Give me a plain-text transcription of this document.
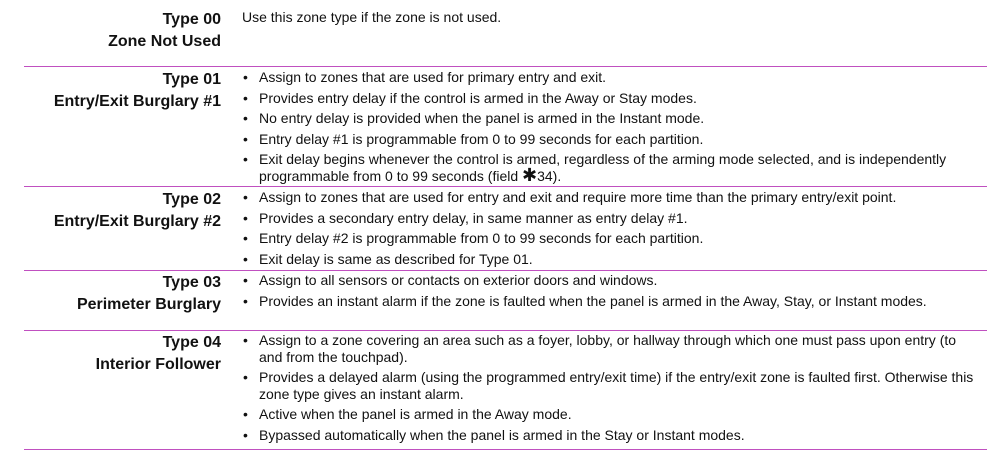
Type 00
Zone Not Used

Use this zone type if the zone is not used.

Type 01
Entry/Exit Burglary #1
• Assign to zones that are used for primary entry and exit.
• Provides entry delay if the control is armed in the Away or Stay modes.
• No entry delay is provided when the panel is armed in the Instant mode.
• Entry delay #1 is programmable from 0 to 99 seconds for each partition.
• Exit delay begins whenever the control is armed, regardless of the arming mode selected, and is independently programmable from 0 to 99 seconds (field ✱34).
Type 02
Entry/Exit Burglary #2
• Assign to zones that are used for entry and exit and require more time than the primary entry/exit point.
• Provides a secondary entry delay, in same manner as entry delay #1.
• Entry delay #2 is programmable from 0 to 99 seconds for each partition.
• Exit delay is same as described for Type 01.
Type 03
Perimeter Burglary
• Assign to all sensors or contacts on exterior doors and windows.
• Provides an instant alarm if the zone is faulted when the panel is armed in the Away, Stay, or Instant modes.
Type 04
Interior Follower
• Assign to a zone covering an area such as a foyer, lobby, or hallway through which one must pass upon entry (to and from the touchpad).
• Provides a delayed alarm (using the programmed entry/exit time) if the entry/exit zone is faulted first. Otherwise this zone type gives an instant alarm.
• Active when the panel is armed in the Away mode.
• Bypassed automatically when the panel is armed in the Stay or Instant modes.
